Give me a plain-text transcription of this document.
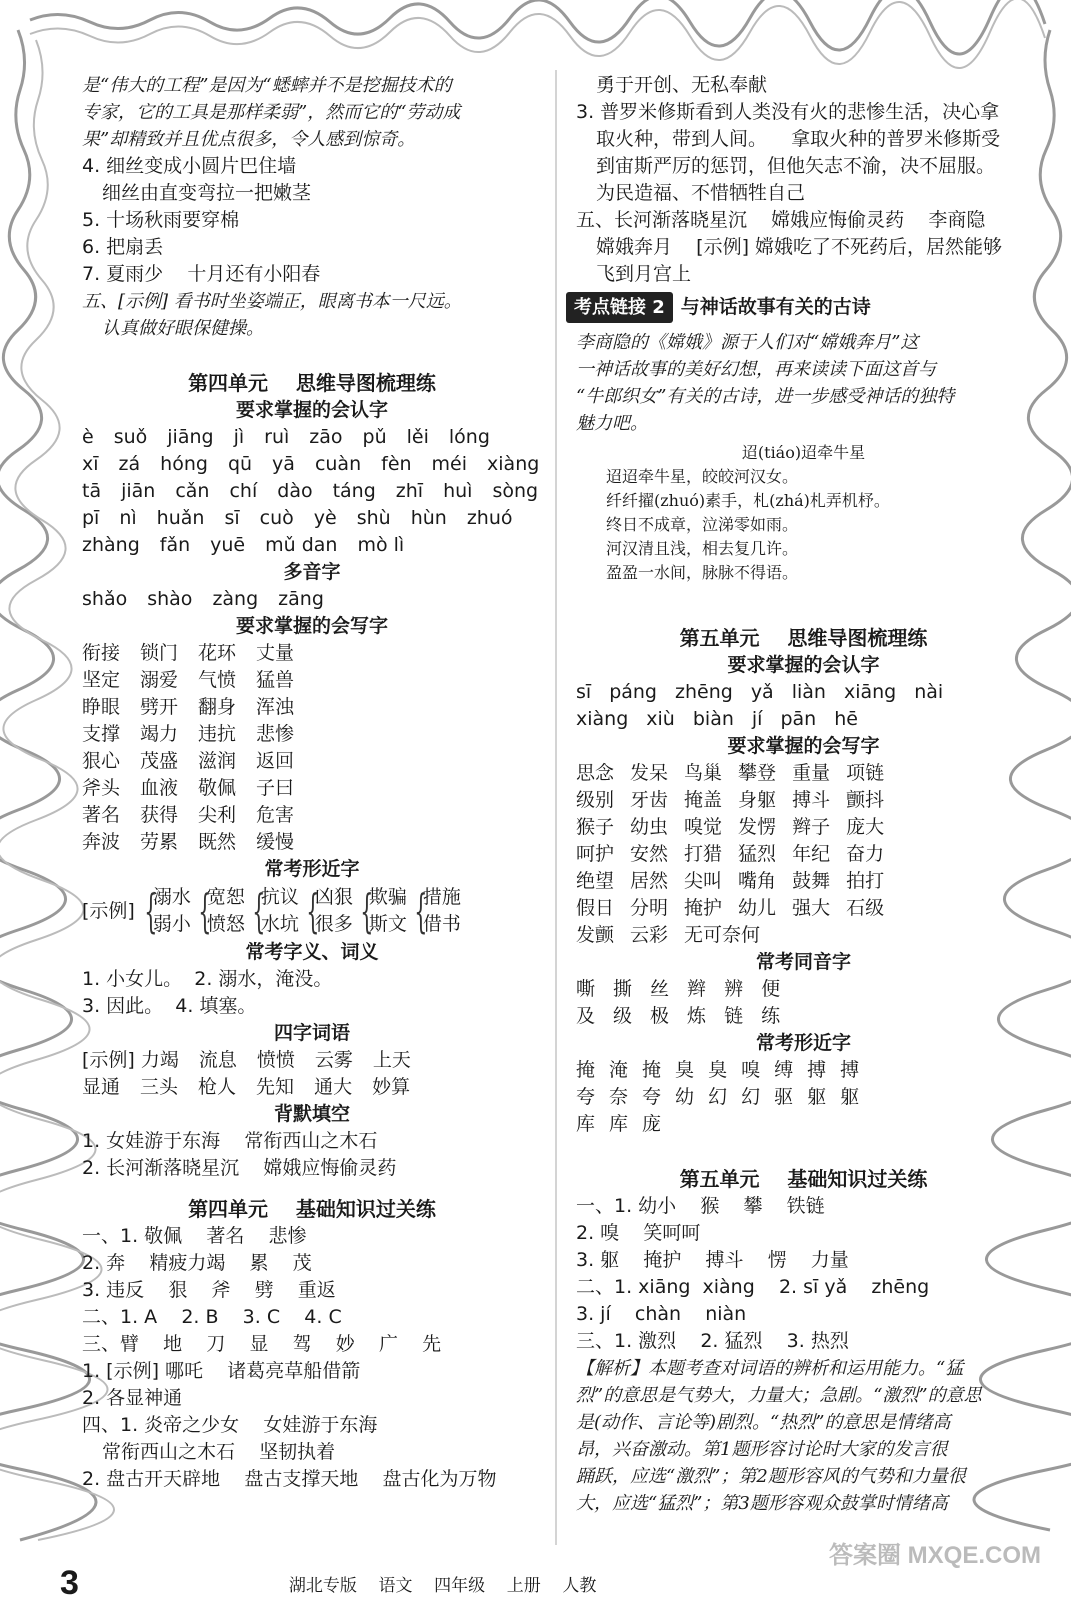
是“伟大的工程”是因为“蟋蟀并不是挖掘技术的
专家，它的工具是那样柔弱”，然而它的“劳动成
果”却精致并且优点很多，令人感到惊奇。
4. 细丝变成小圆片巴住墙
细丝由直变弯拉一把嫩茎
5. 十场秋雨要穿棉
6. 把扇丢
7. 夏雨少    十月还有小阳春
五、[示例] 看书时坐姿端正，眼离书本一尺远。
认真做好眼保健操。
第四单元    思维导图梳理练
要求掌握的会认字
è suǒ jiāng jì ruì zāo pǔ lěi lóng
xī zá hóng qū yā cuàn fèn méi xiàng
tā jiān cǎn chí dào táng zhī huì sòng
pī nì huǎn sī cuò yè shù hùn zhuó
zhàng fǎn yuē mǔ dan mò lì
多音字
shǎo shào zàng zāng
要求掌握的会写字
衔接 锁门 花环 丈量
坚定 溺爱 气愤 猛兽
睁眼 劈开 翻身 浑浊
支撑 竭力 违抗 悲惨
狠心 茂盛 滋润 返回
斧头 血液 敬佩 子曰
著名 获得 尖利 危害
奔波 劳累 既然 缓慢
常考形近字
[示例] {
溺水
弱小 {
宽恕
愤怒 {
抗议
水坑 {
凶狠
很多 {
欺骗
斯文 {
措施
借书
常考字义、词义
1. 小女儿。  2. 溺水，淹没。
3. 因此。  4. 填塞。
四字词语
[示例] 力竭 流息 愤愤 云雾 上天
显通 三头 枪人 先知 通大 妙算
背默填空
1. 女娃游于东海    常衔西山之木石
2. 长河渐落晓星沉    嫦娥应悔偷灵药
第四单元    基础知识过关练
一、1. 敬佩    著名    悲惨
2. 奔    精疲力竭    累    茂
3. 违反    狠    斧    劈    重返
二、1. A    2. B    3. C    4. C
三、臂    地    刀    显    驾    妙    广    先
1. [示例] 哪吒    诸葛亮草船借箭
2. 各显神通
四、1. 炎帝之少女    女娃游于东海
常衔西山之木石    坚韧执着
2. 盘古开天辟地    盘古支撑天地    盘古化为万物
勇于开创、无私奉献
3. 普罗米修斯看到人类没有火的悲惨生活，决心拿
取火种，带到人间。    拿取火种的普罗米修斯受
到宙斯严厉的惩罚，但他矢志不渝，决不屈服。
为民造福、不惜牺牲自己
五、长河渐落晓星沉    嫦娥应悔偷灵药    李商隐
嫦娥奔月    [示例] 嫦娥吃了不死药后，居然能够
飞到月宫上
考点链接 2 与神话故事有关的古诗
李商隐的《嫦娥》源于人们对“嫦娥奔月”这
一神话故事的美好幻想，再来读读下面这首与
“牛郎织女”有关的古诗，进一步感受神话的独特
魅力吧。
迢(tiáo)迢牵牛星
迢迢牵牛星，皎皎河汉女。
纤纤擢(zhuó)素手，札(zhá)札弄机杼。
终日不成章，泣涕零如雨。
河汉清且浅，相去复几许。
盈盈一水间，脉脉不得语。
第五单元    思维导图梳理练
要求掌握的会认字
sī páng zhēng yǎ liàn xiāng nài
xiàng xiù biàn jí pān hē
要求掌握的会写字
思念 发呆 鸟巢 攀登 重量 项链
级别 牙齿 掩盖 身躯 搏斗 颤抖
猴子 幼虫 嗅觉 发愣 辫子 庞大
呵护 安然 打猎 猛烈 年纪 奋力
绝望 居然 尖叫 嘴角 鼓舞 拍打
假日 分明 掩护 幼儿 强大 石级
发颤 云彩 无可奈何
常考同音字
嘶 撕 丝 辫 辨 便
及 级 极 炼 链 练
常考形近字
掩 淹 掩 臭 臭 嗅 缚 搏 搏
夸 奈 夸 幼 幻 幻 驱 躯 躯
库 库 庞
第五单元    基础知识过关练
一、1. 幼小    猴    攀    铁链
2. 嗅    笑呵呵
3. 躯    掩护    搏斗    愣    力量
二、1. xiāng  xiàng    2. sī yǎ    zhēng
3. jí    chàn    niàn
三、1. 激烈    2. 猛烈    3. 热烈
【解析】本题考查对词语的辨析和运用能力。“猛
烈”的意思是气势大，力量大；急剧。“激烈”的意思
是(动作、言论等)剧烈。“热烈”的意思是情绪高
昂，兴奋激动。第1题形容讨论时大家的发言很
踊跃，应选“激烈”；第2题形容风的气势和力量很
大，应选“猛烈”；第3题形容观众鼓掌时情绪高
3	湖北专版    语文    四年级    上册    人教
答案圈 MXQE.COM
